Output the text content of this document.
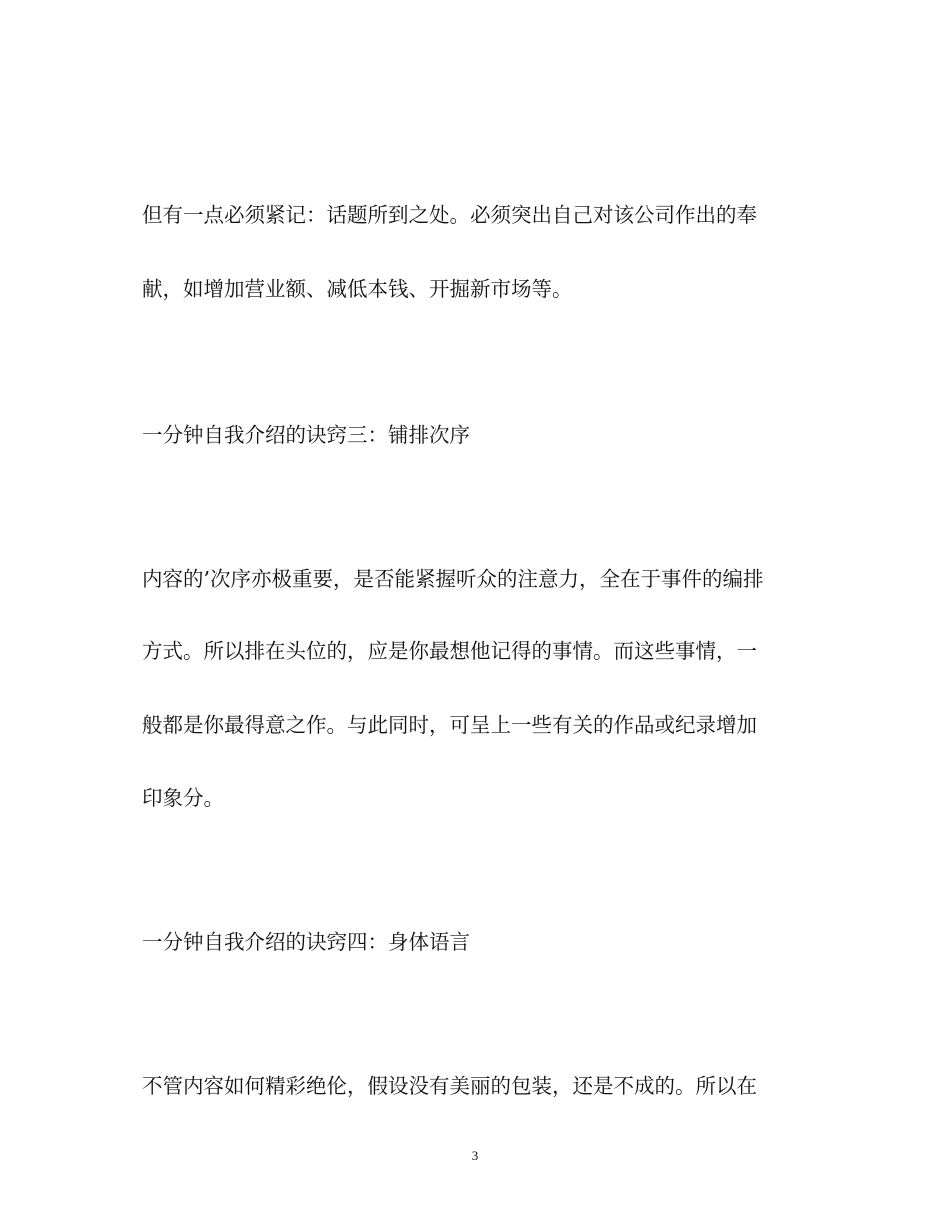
但有一点必须紧记：话题所到之处。必须突出自己对该公司作出的奉
献，如增加营业额、减低本钱、开掘新市场等。
一分钟自我介绍的诀窍三：铺排次序
内容的’次序亦极重要，是否能紧握听众的注意力，全在于事件的编排
方式。所以排在头位的，应是你最想他记得的事情。而这些事情，一
般都是你最得意之作。与此同时，可呈上一些有关的作品或纪录增加
印象分。
一分钟自我介绍的诀窍四：身体语言
不管内容如何精彩绝伦，假设没有美丽的包装，还是不成的。所以在
3
